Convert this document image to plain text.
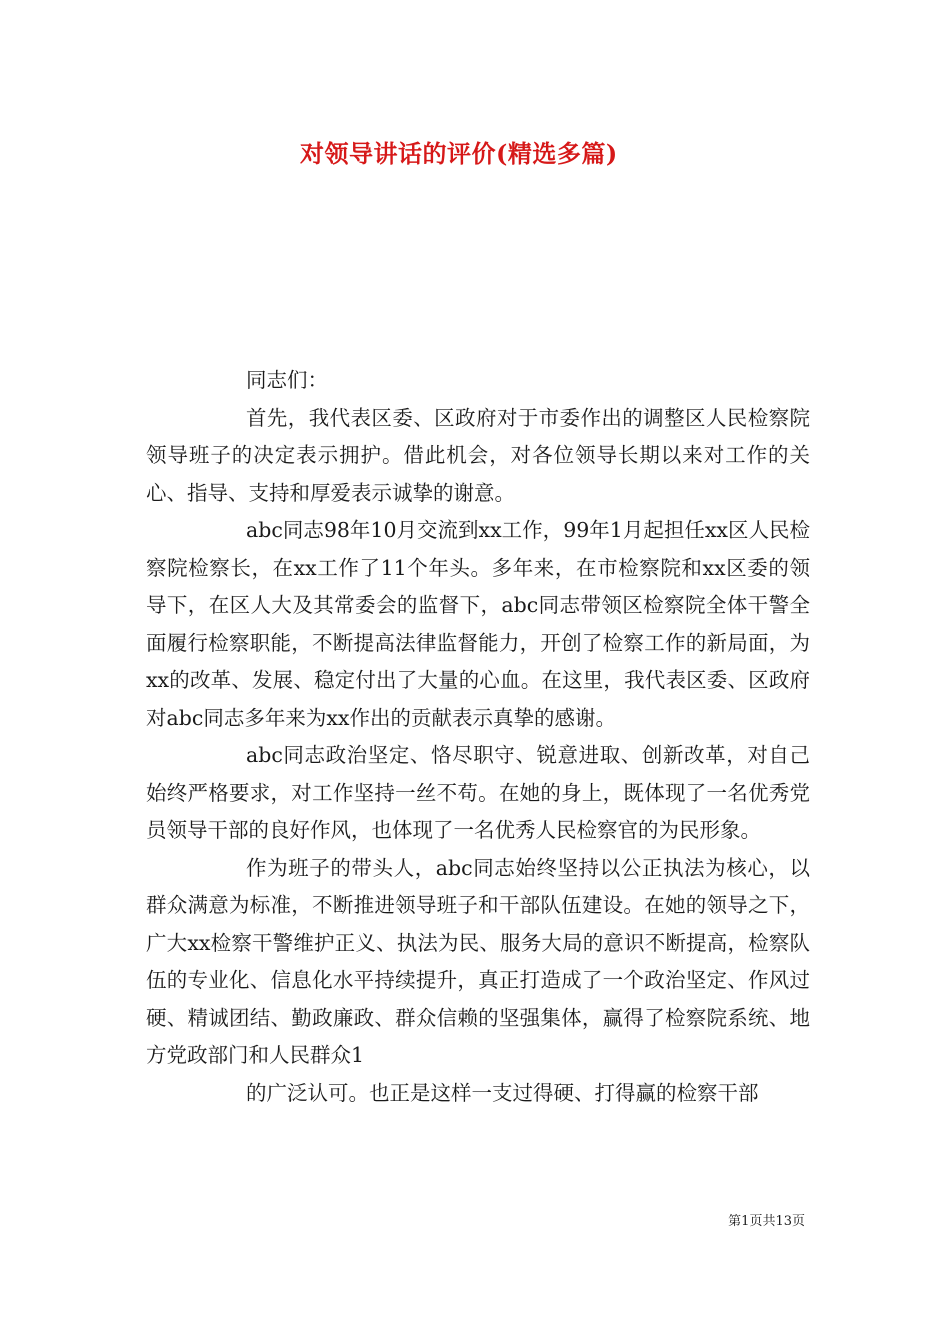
对领导讲话的评价(精选多篇)

同志们：

首先，我代表区委、区政府对于市委作出的调整区人民检察院领导班子的决定表示拥护。借此机会，对各位领导长期以来对工作的关心、指导、支持和厚爱表示诚挚的谢意。

abc同志98年10月交流到xx工作，99年1月起担任xx区人民检察院检察长，在xx工作了11个年头。多年来，在市检察院和xx区委的领导下，在区人大及其常委会的监督下，abc同志带领区检察院全体干警全面履行检察职能，不断提高法律监督能力，开创了检察工作的新局面，为xx的改革、发展、稳定付出了大量的心血。在这里，我代表区委、区政府对abc同志多年来为xx作出的贡献表示真挚的感谢。

abc同志政治坚定、恪尽职守、锐意进取、创新改革，对自己始终严格要求，对工作坚持一丝不苟。在她的身上，既体现了一名优秀党员领导干部的良好作风，也体现了一名优秀人民检察官的为民形象。

作为班子的带头人，abc同志始终坚持以公正执法为核心，以群众满意为标准，不断推进领导班子和干部队伍建设。在她的领导之下，广大xx检察干警维护正义、执法为民、服务大局的意识不断提高，检察队伍的专业化、信息化水平持续提升，真正打造成了一个政治坚定、作风过硬、精诚团结、勤政廉政、群众信赖的坚强集体，赢得了检察院系统、地方党政部门和人民群众1

的广泛认可。也正是这样一支过得硬、打得赢的检察干部

第1页共13页
